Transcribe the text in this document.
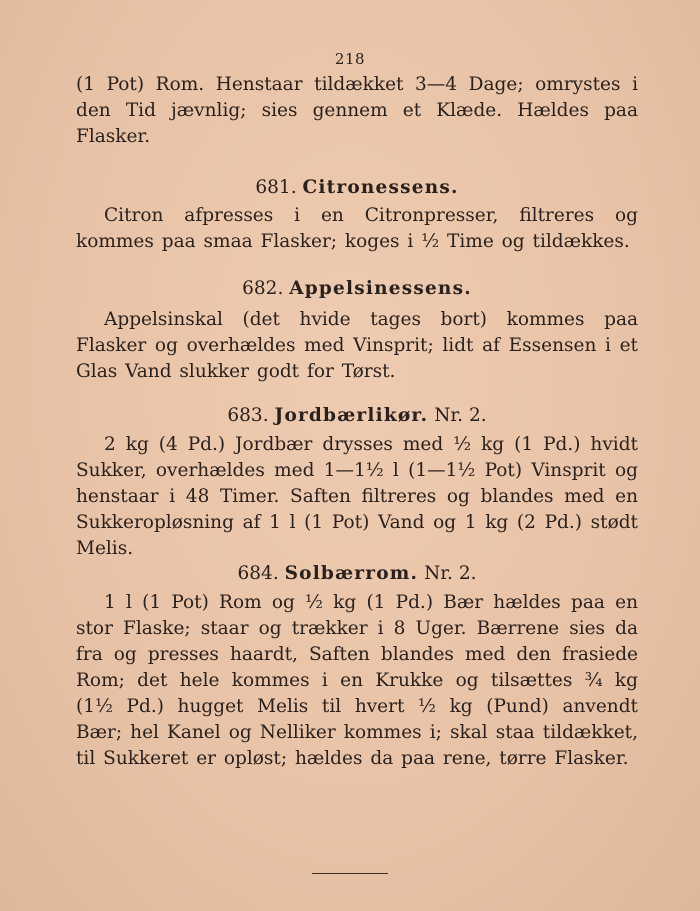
218

(1 Pot) Rom. Henstaar tildækket 3—4 Dage; omrystes i den Tid jævnlig; sies gennem et Klæde. Hældes paa Flasker.

681. Citronessens.

Citron afpresses i en Citronpresser, filtreres og kommes paa smaa Flasker; koges i ½ Time og tildækkes.

682. Appelsinessens.

Appelsinskal (det hvide tages bort) kommes paa Flasker og overhældes med Vinsprit; lidt af Essensen i et Glas Vand slukker godt for Tørst.

683. Jordbærlikør. Nr. 2.

2 kg (4 Pd.) Jordbær drysses med ½ kg (1 Pd.) hvidt Sukker, overhældes med 1—1½ l (1—1½ Pot) Vinsprit og henstaar i 48 Timer. Saften filtreres og blandes med en Sukkeropløsning af 1 l (1 Pot) Vand og 1 kg (2 Pd.) stødt Melis.

684. Solbærrom. Nr. 2.

1 l (1 Pot) Rom og ½ kg (1 Pd.) Bær hældes paa en stor Flaske; staar og trækker i 8 Uger. Bærrene sies da fra og presses haardt, Saften blandes med den frasiede Rom; det hele kommes i en Krukke og tilsættes ¾ kg (1½ Pd.) hugget Melis til hvert ½ kg (Pund) anvendt Bær; hel Kanel og Nelliker kommes i; skal staa tildækket, til Sukkeret er opløst; hældes da paa rene, tørre Flasker.
